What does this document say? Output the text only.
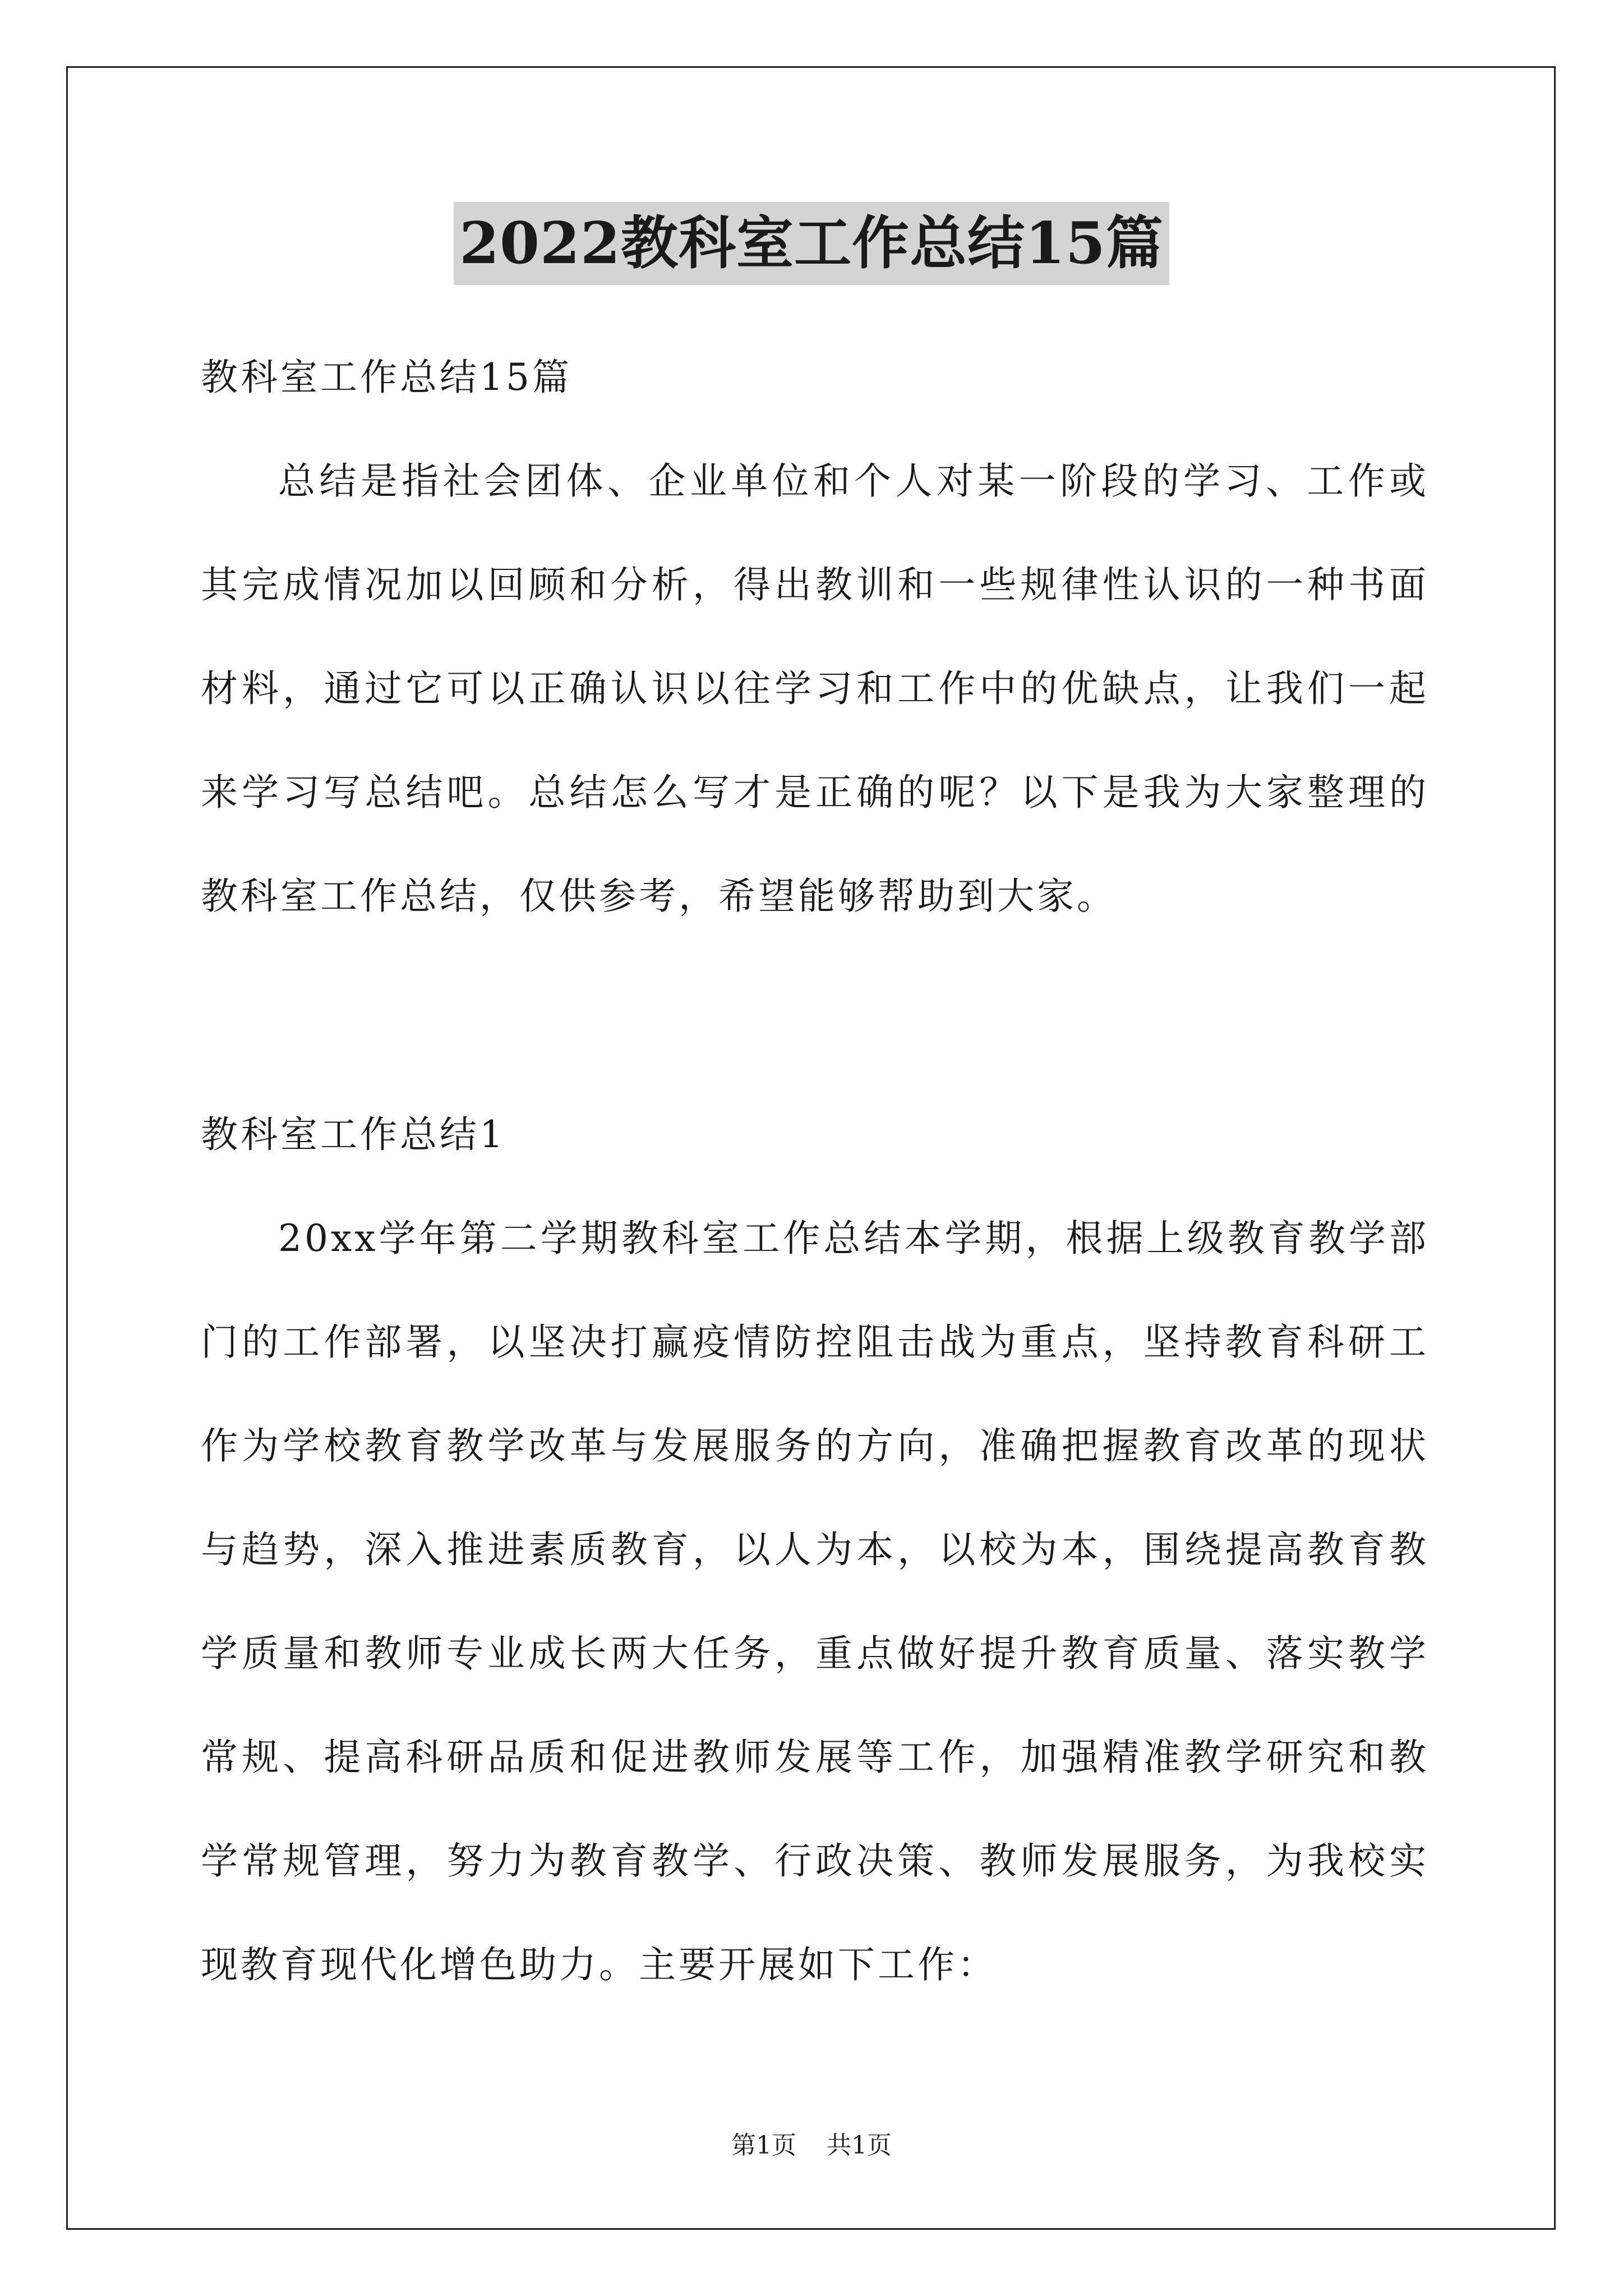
2022教科室工作总结15篇
教科室工作总结15篇
总结是指社会团体、企业单位和个人对某一阶段的学习、工作或其完成情况加以回顾和分析，得出教训和一些规律性认识的一种书面材料，通过它可以正确认识以往学习和工作中的优缺点，让我们一起来学习写总结吧。总结怎么写才是正确的呢？以下是我为大家整理的教科室工作总结，仅供参考，希望能够帮助到大家。
教科室工作总结1
20xx学年第二学期教科室工作总结本学期，根据上级教育教学部门的工作部署，以坚决打赢疫情防控阻击战为重点，坚持教育科研工作为学校教育教学改革与发展服务的方向，准确把握教育改革的现状与趋势，深入推进素质教育，以人为本，以校为本，围绕提高教育教学质量和教师专业成长两大任务，重点做好提升教育质量、落实教学常规、提高科研品质和促进教师发展等工作，加强精准教学研究和教学常规管理，努力为教育教学、行政决策、教师发展服务，为我校实现教育现代化增色助力。主要开展如下工作：
第1页 共1页
